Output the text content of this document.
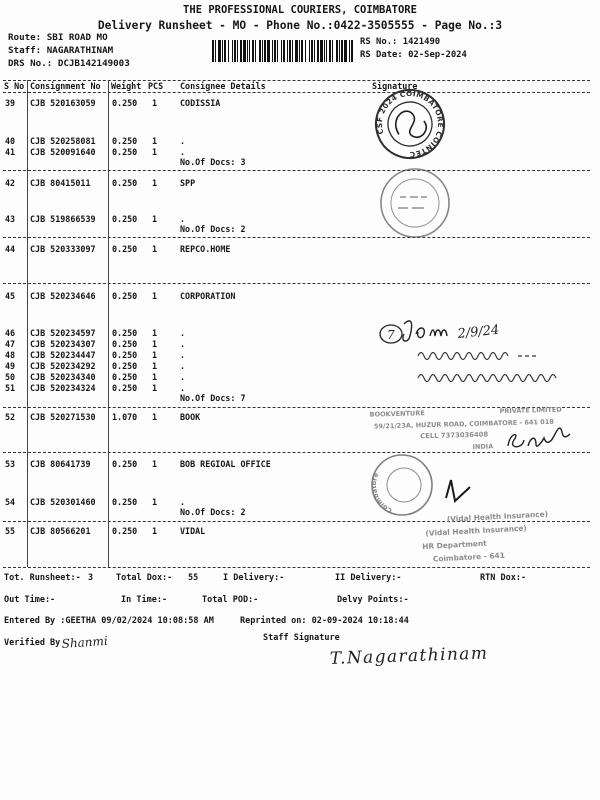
THE PROFESSIONAL COURIERS, COIMBATORE
Delivery Runsheet - MO - Phone No.:0422-3505555 - Page No.:3
Route: SBI ROAD MO
Staff: NAGARATHINAM
DRS No.: DCJB142149003
RS No.: 1421490
RS Date: 02-Sep-2024
S No Consignment No Weight PCS Consignee Details	Signature
39 CJB 520163059 0.250 1	CODISSIA
40 CJB 520258081 0.250 1	.
41 CJB 520091640 0.250 1	.
42 CJB 80415011	0.250 1	SPP
43 CJB 519866539 0.250 1	.
44 CJB 520333097 0.250 1	REPCO.HOME
45 CJB 520234646 0.250 1	CORPORATION
46 CJB 520234597 0.250 1	.
47 CJB 520234307 0.250 1	.
48 CJB 520234447 0.250 1	.
49 CJB 520234292 0.250 1	.
50 CJB 520234340 0.250 1	.
51 CJB 520234324 0.250 1	.
52 CJB 520271530 1.070 1	BOOK
53 CJB 80641739	0.250 1	BOB REGIOAL OFFICE
54 CJB 520301460 0.250 1	.
55 CJB 80566201	0.250 1	VIDAL
No.Of Docs: 3
No.Of Docs: 2
No.Of Docs: 7
No.Of Docs: 2
Tot. Runsheet:- 3	Total Dox:- 55	I Delivery:-	II Delivery:-	RTN Dox:-
Out Time:-	In Time:-	Total POD:-	Delvy Points:-
Entered By :GEETHA 09/02/2024 10:08:58 AM	Reprinted on: 02-09-2024 10:18:44
Verified By	Staff Signature
CSF 2024 COIMBATORE COINTEC
7	2/9/24
BOOKVENTURE	PRIVATE LIMITED
59/21/23A, HUZUR ROAD, COIMBATORE - 641 018
CELL 7373036408
INDIA
Coimbatore
(Vidal Health Insurance)
(Vidal Health Insurance)
HR Department
Coimbatore - 641
Shanmi
T.Nagarathinam
